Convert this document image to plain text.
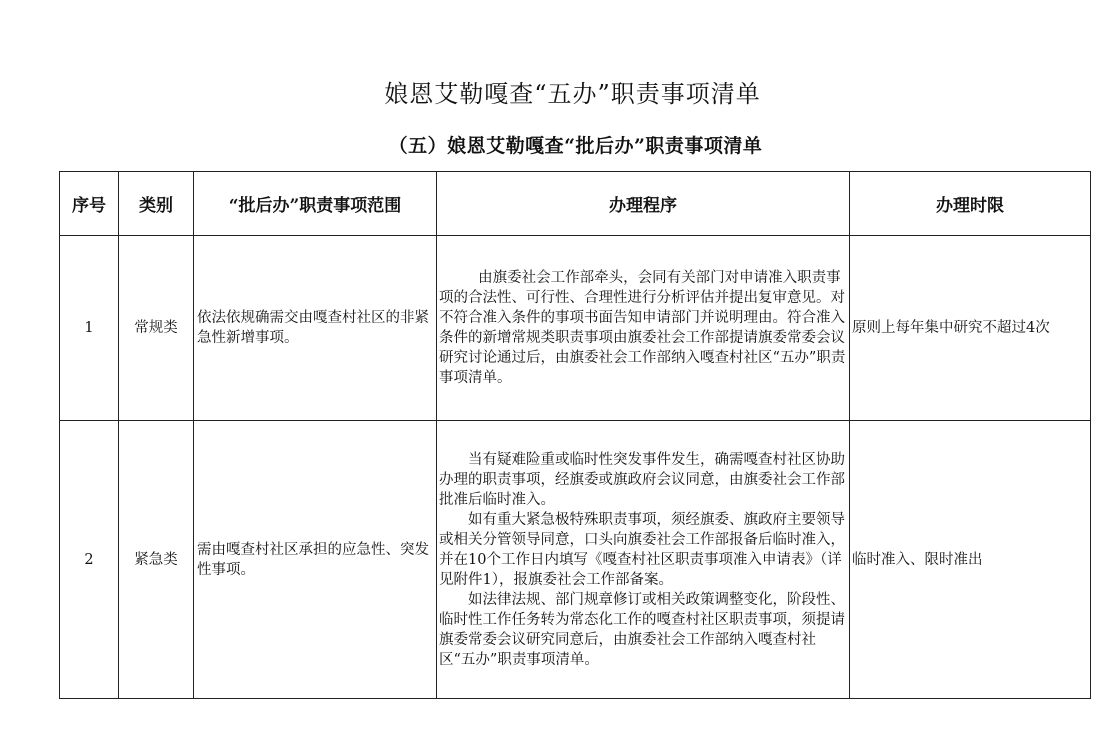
娘恩艾勒嘎查“五办”职责事项清单
（五）娘恩艾勒嘎查“批后办”职责事项清单
序号	类别	“批后办”职责事项范围	办理程序	办理时限
1	常规类	依法依规确需交由嘎查村社区的非紧急性新增事项。	由旗委社会工作部牵头，会同有关部门对申请准入职责事项的合法性、可行性、合理性进行分析评估并提出复审意见。对不符合准入条件的事项书面告知申请部门并说明理由。符合准入条件的新增常规类职责事项由旗委社会工作部提请旗委常委会议研究讨论通过后，由旗委社会工作部纳入嘎查村社区“五办”职责事项清单。	原则上每年集中研究不超过4次
2	紧急类	需由嘎查村社区承担的应急性、突发性事项。	当有疑难险重或临时性突发事件发生，确需嘎查村社区协助办理的职责事项，经旗委或旗政府会议同意，由旗委社会工作部批准后临时准入。

如有重大紧急极特殊职责事项，须经旗委、旗政府主要领导或相关分管领导同意，口头向旗委社会工作部报备后临时准入，并在10个工作日内填写《嘎查村社区职责事项准入申请表》（详见附件1），报旗委社会工作部备案。

如法律法规、部门规章修订或相关政策调整变化，阶段性、临时性工作任务转为常态化工作的嘎查村社区职责事项，须提请旗委常委会议研究同意后，由旗委社会工作部纳入嘎查村社区“五办”职责事项清单。	临时准入、限时准出
